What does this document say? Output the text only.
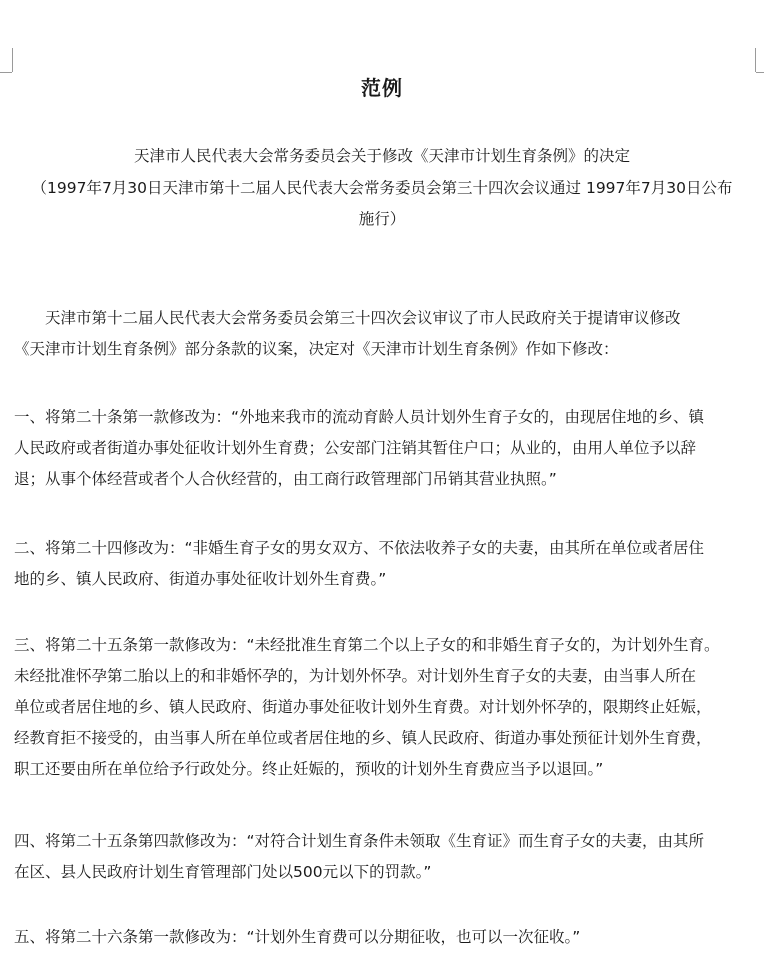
范例
天津市人民代表大会常务委员会关于修改《天津市计划生育条例》的决定
（1997年7月30日天津市第十二届人民代表大会常务委员会第三十四次会议通过 1997年7月30日公布
施行）
　　天津市第十二届人民代表大会常务委员会第三十四次会议审议了市人民政府关于提请审议修改
《天津市计划生育条例》部分条款的议案，决定对《天津市计划生育条例》作如下修改：
一、将第二十条第一款修改为：“外地来我市的流动育龄人员计划外生育子女的，由现居住地的乡、镇
人民政府或者街道办事处征收计划外生育费；公安部门注销其暂住户口；从业的，由用人单位予以辞
退；从事个体经营或者个人合伙经营的，由工商行政管理部门吊销其营业执照。”
二、将第二十四修改为：“非婚生育子女的男女双方、不依法收养子女的夫妻，由其所在单位或者居住
地的乡、镇人民政府、街道办事处征收计划外生育费。”
三、将第二十五条第一款修改为：“未经批准生育第二个以上子女的和非婚生育子女的，为计划外生育。
未经批准怀孕第二胎以上的和非婚怀孕的，为计划外怀孕。对计划外生育子女的夫妻，由当事人所在
单位或者居住地的乡、镇人民政府、街道办事处征收计划外生育费。对计划外怀孕的，限期终止妊娠，
经教育拒不接受的，由当事人所在单位或者居住地的乡、镇人民政府、街道办事处预征计划外生育费，
职工还要由所在单位给予行政处分。终止妊娠的，预收的计划外生育费应当予以退回。”
四、将第二十五条第四款修改为：“对符合计划生育条件未领取《生育证》而生育子女的夫妻，由其所
在区、县人民政府计划生育管理部门处以500元以下的罚款。”
五、将第二十六条第一款修改为：“计划外生育费可以分期征收，也可以一次征收。”
